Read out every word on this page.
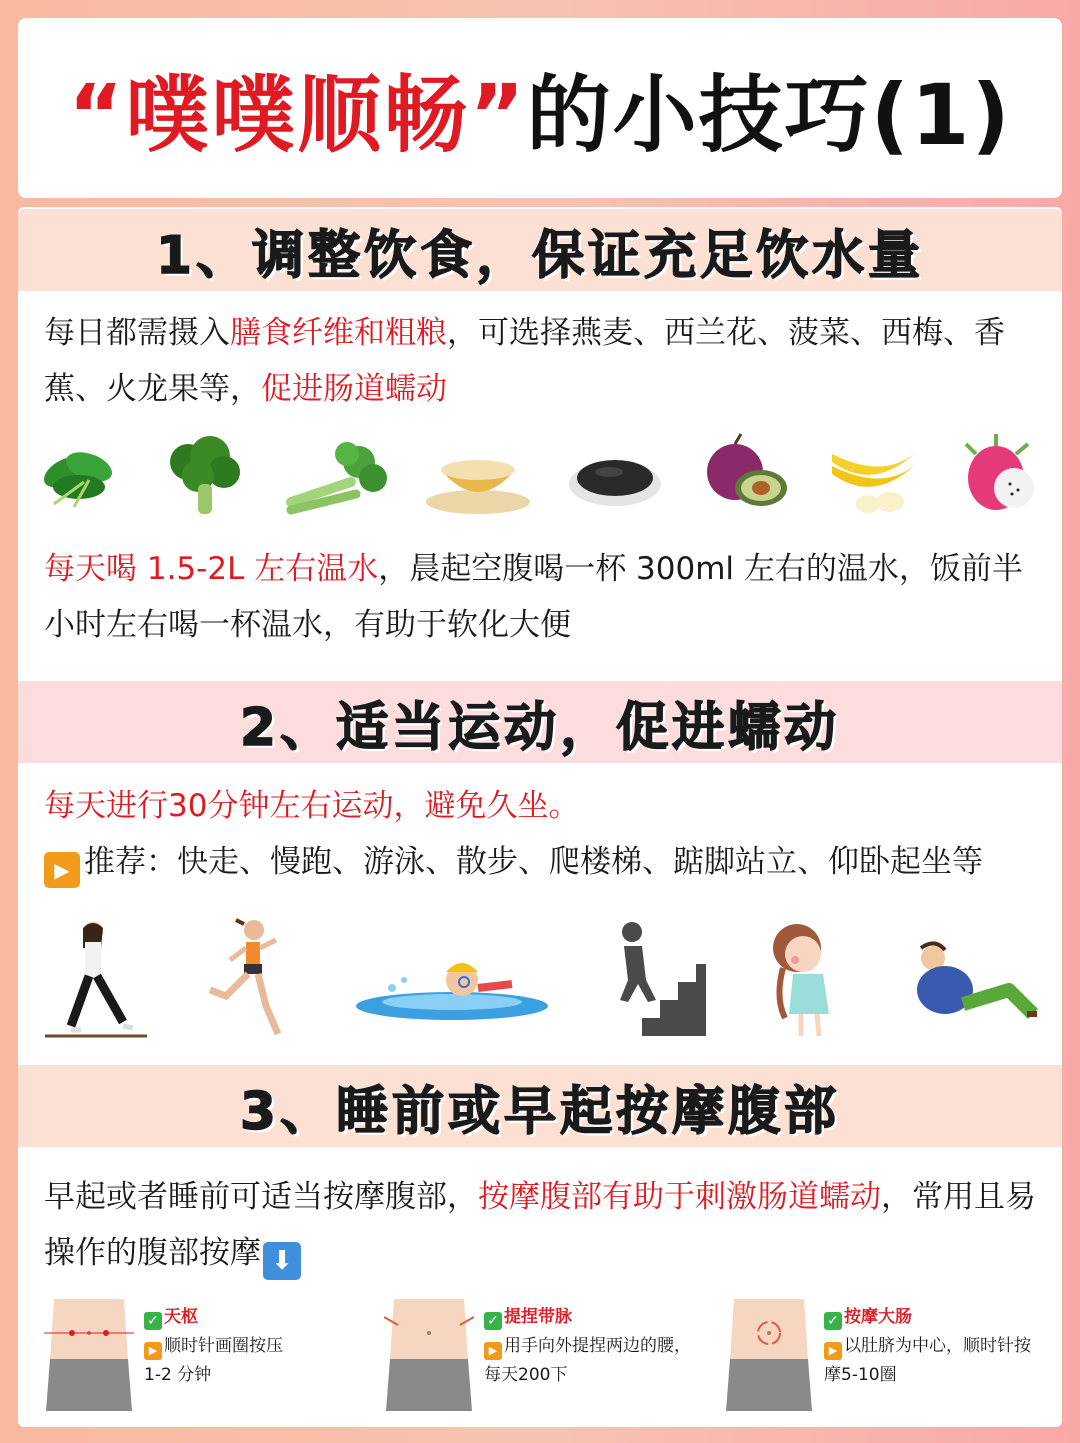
“噗噗顺畅” 的小技巧(1)
1、调整饮食，保证充足饮水量
每日都需摄入膳食纤维和粗粮，可选择燕麦、西兰花、菠菜、西梅、香蕉、火龙果等，促进肠道蠕动
每天喝 1.5-2L 左右温水，晨起空腹喝一杯 300ml 左右的温水，饭前半小时左右喝一杯温水，有助于软化大便
2、适当运动，促进蠕动
每天进行30分钟左右运动，避免久坐。
▶ 推荐：快走、慢跑、游泳、散步、爬楼梯、踮脚站立、仰卧起坐等
3、睡前或早起按摩腹部
早起或者睡前可适当按摩腹部，按摩腹部有助于刺激肠道蠕动，常用且易操作的腹部按摩 ⬇
✓ 天枢
▶ 顺时针画圈按压
1-2 分钟
✓ 提捏带脉
▶ 用手向外提捏两边的腰，
每天200下
✓ 按摩大肠
▶ 以肚脐为中心，顺时针按
摩5-10圈
